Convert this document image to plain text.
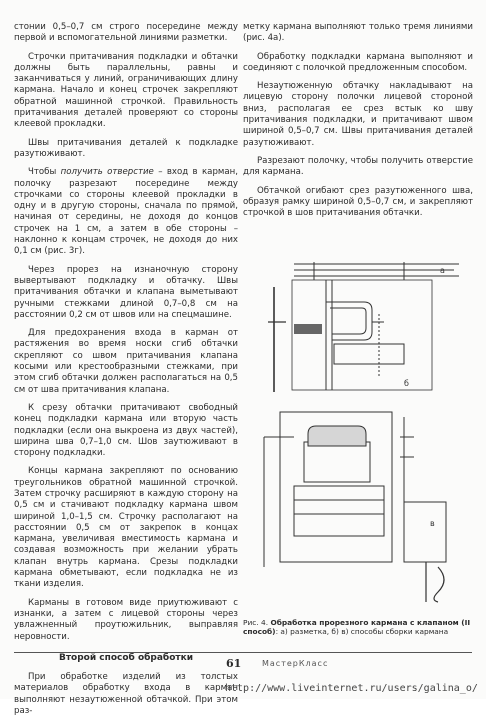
стонии 0,5–0,7 см строго посередине между первой и вспомогательной линиями разметки.

Строчки притачивания подкладки и обтачки должны быть параллельны, равны и заканчиваться у линий, ограничивающих длину кармана. Начало и конец строчек закрепляют обратной машинной строчкой. Правильность притачивания деталей проверяют со стороны клеевой прокладки.

Швы притачивания деталей к подкладке разутюживают.

Чтобы получить отверстие – вход в карман, полочку разрезают посередине между строчками со стороны клеевой прокладки в одну и в другую стороны, сначала по прямой, начиная от середины, не доходя до концов строчек на 1 см, а затем в обе стороны – наклонно к концам строчек, не доходя до них 0,1 см (рис. 3г).

Через прорез на изнаночную сторону вывертывают подкладку и обтачку. Швы притачивания обтачки и клапана выметывают ручными стежками длиной 0,7–0,8 см на расстоянии 0,2 см от швов или на спецмашине.

Для предохранения входа в карман от растяжения во время носки сгиб обтачки скрепляют со швом притачивания клапана косыми или крестообразными стежками, при этом сгиб обтачки должен располагаться на 0,5 см от шва притачивания клапана.

К срезу обтачки притачивают свободный конец подкладки кармана или вторую часть подкладки (если она выкроена из двух частей), ширина шва 0,7–1,0 см. Шов заутюживают в сторону подкладки.

Концы кармана закрепляют по основанию треугольников обратной машинной строчкой. Затем строчку расширяют в каждую сторону на 0,5 см и стачивают подкладку кармана швом шириной 1,0–1,5 см. Строчку располагают на расстоянии 0,5 см от закрепок в концах кармана, увеличивая вместимость кармана и создавая возможность при желании убрать клапан внутрь кармана. Срезы подкладки кармана обметывают, если подкладка не из ткани изделия.

Карманы в готовом виде приутюживают с изнанки, а затем с лицевой стороны через увлажненный проутюжильник, выправляя неровности.

Второй способ обработки

При обработке изделий из толстых материалов обработку входа в карман выполняют незаутюженной обтачкой. При этом раз-

метку кармана выполняют только тремя линиями (рис. 4а).

Обработку подкладки кармана выполняют и соединяют с полочкой предложенным способом.

Незаутюженную обтачку накладывают на лицевую сторону полочки лицевой стороной вниз, располагая ее срез встык ко шву притачивания подкладки, и притачивают швом шириной 0,5–0,7 см. Швы притачивания деталей разутюживают.

Разрезают полочку, чтобы получить отверстие для кармана.

Обтачкой огибают срез разутюженного шва, образуя рамку шириной 0,5–0,7 см, и закрепляют строчкой в шов притачивания обтачки.

а
б
в
Рис. 4. Обработка прорезного кармана с клапаном (II способ): а) разметка, б) в) способы сборки кармана
61	МастерКласс
http://www.liveinternet.ru/users/galina_o/
